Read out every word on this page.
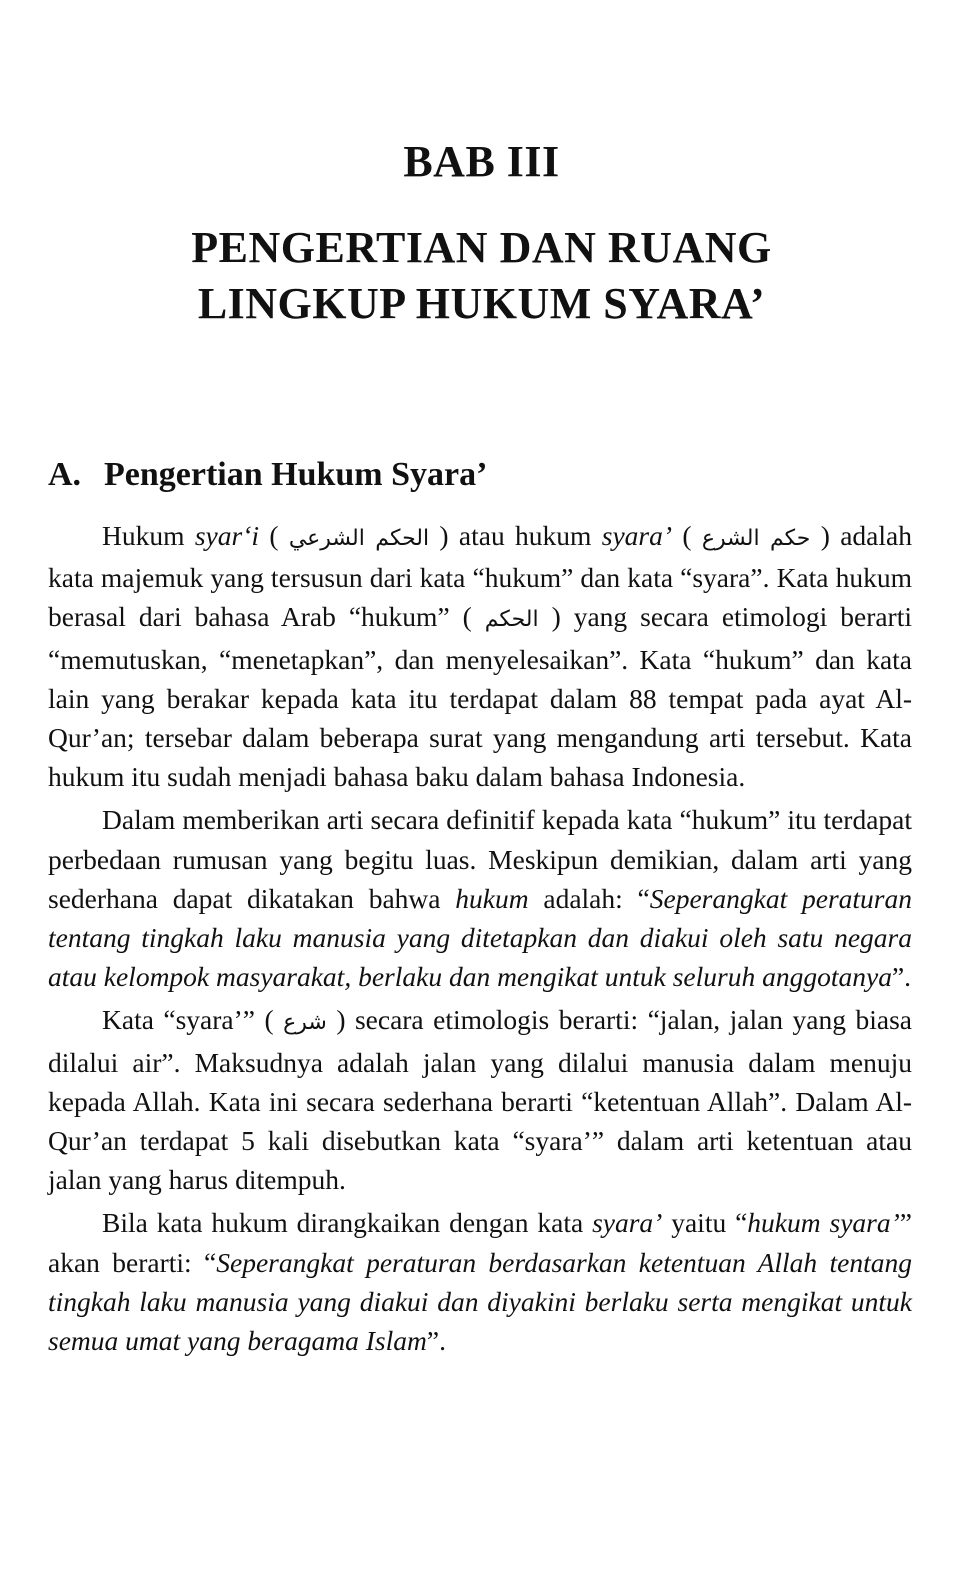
BAB III
PENGERTIAN DAN RUANG
LINGKUP HUKUM SYARA’
A. Pengertian Hukum Syara’

Hukum syar‘i ( الحكم الشرعي ) atau hukum syara’ ( حكم الشرع ) adalah kata majemuk yang tersusun dari kata “hukum” dan kata “syara”. Kata hukum berasal dari bahasa Arab “hukum” ( الحكم ) yang secara etimologi berarti “memutuskan, “menetapkan”, dan menyelesaikan”. Kata “hukum” dan kata lain yang berakar kepada kata itu terdapat dalam 88 tempat pada ayat Al-Qur’an; tersebar dalam beberapa surat yang mengandung arti tersebut. Kata hukum itu sudah menjadi bahasa baku dalam bahasa Indonesia.

Dalam memberikan arti secara definitif kepada kata “hukum” itu terdapat perbedaan rumusan yang begitu luas. Meskipun demikian, dalam arti yang sederhana dapat dikatakan bahwa hukum adalah: “Seperangkat peraturan tentang tingkah laku manusia yang ditetapkan dan diakui oleh satu negara atau kelompok masyarakat, berlaku dan mengikat untuk seluruh anggotanya”.

Kata “syara’” ( شرع ) secara etimologis berarti: “jalan, jalan yang biasa dilalui air”. Maksudnya adalah jalan yang dilalui manusia dalam menuju kepada Allah. Kata ini secara sederhana berarti “ketentuan Allah”. Dalam Al-Qur’an terdapat 5 kali disebutkan kata “syara’” dalam arti ketentuan atau jalan yang harus ditempuh.

Bila kata hukum dirangkaikan dengan kata syara’ yaitu “hukum syara’” akan berarti: “Seperangkat peraturan berdasarkan ketentuan Allah tentang tingkah laku manusia yang diakui dan diyakini berlaku serta mengikat untuk semua umat yang beragama Islam”.
